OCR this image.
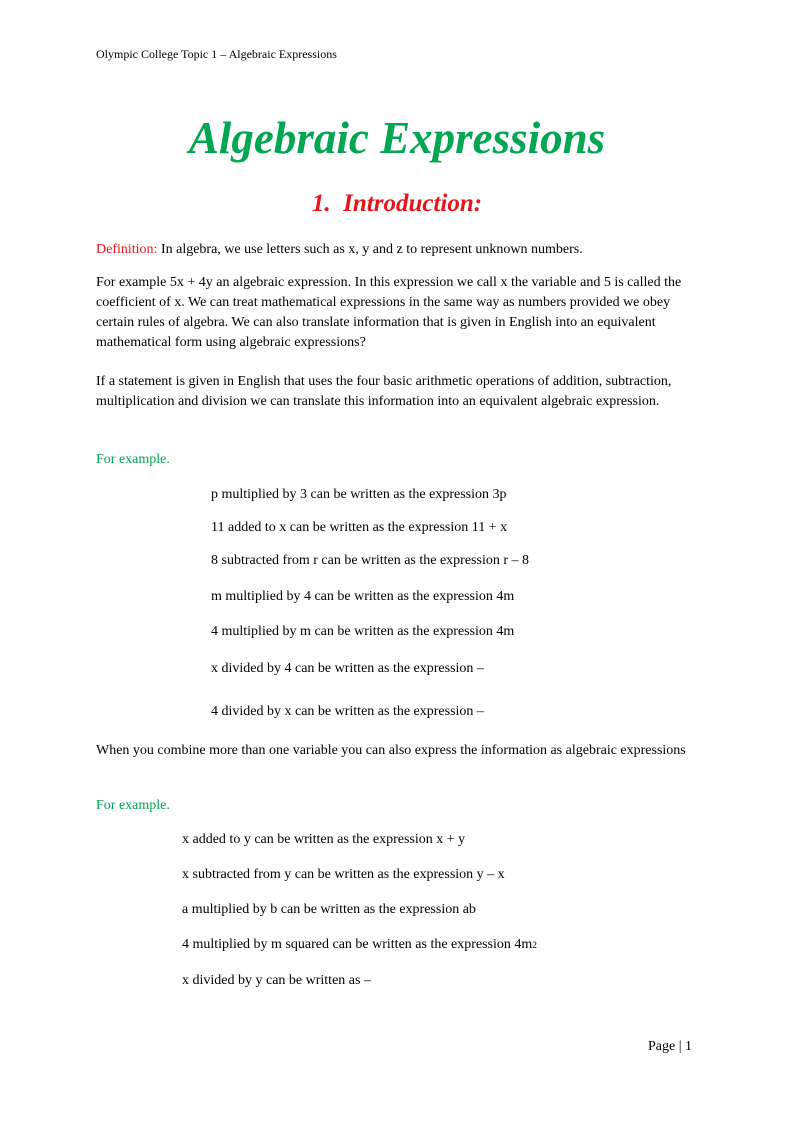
Olympic College Topic 1 – Algebraic Expressions
Algebraic Expressions
1. Introduction:
Definition: In algebra, we use letters such as x, y and z to represent unknown numbers.
For example 5x + 4y an algebraic expression. In this expression we call x the variable and 5 is called the coefficient of x. We can treat mathematical expressions in the same way as numbers provided we obey certain rules of algebra. We can also translate information that is given in English into an equivalent mathematical form using algebraic expressions?
If a statement is given in English that uses the four basic arithmetic operations of addition, subtraction, multiplication and division we can translate this information into an equivalent algebraic expression.
For example.
p multiplied by 3 can be written as the expression 3p
11 added to x can be written as the expression 11 + x
8 subtracted from r can be written as the expression r – 8
m multiplied by 4 can be written as the expression 4m
4 multiplied by m can be written as the expression 4m
x divided by 4 can be written as the expression –
4 divided by x can be written as the expression –
When you combine more than one variable you can also express the information as algebraic expressions
For example.
x added to y can be written as the expression x + y
x subtracted from y can be written as the expression y – x
a multiplied by b can be written as the expression ab
4 multiplied by m squared can be written as the expression 4m2
x divided by y can be written as –
Page | 1
